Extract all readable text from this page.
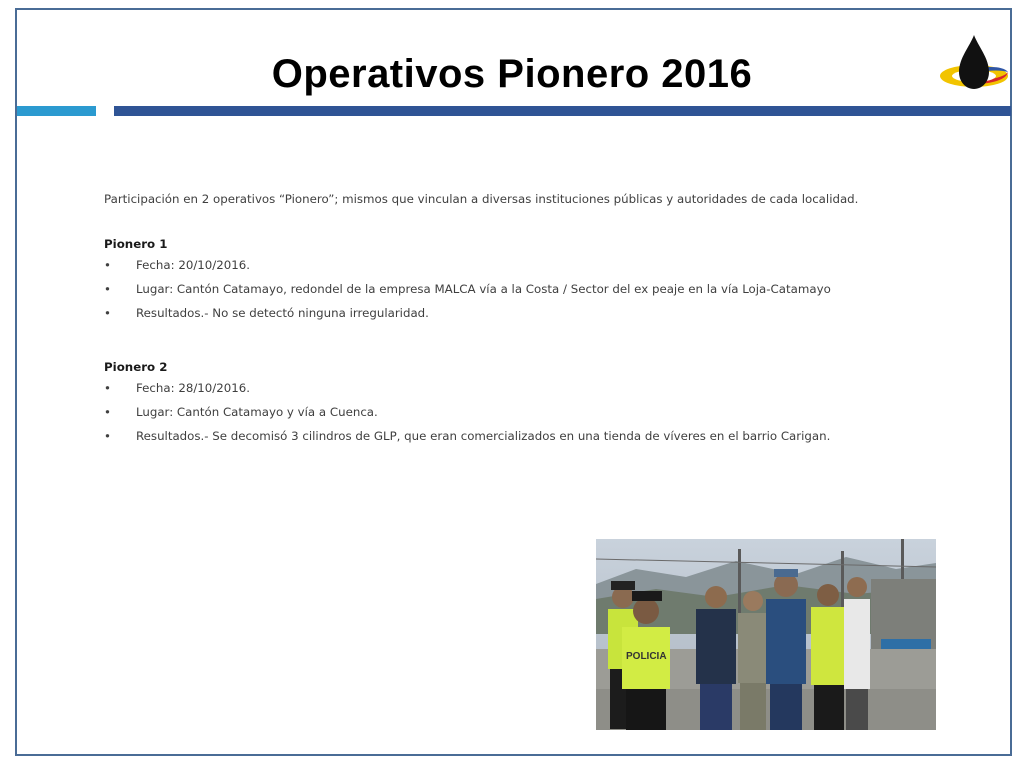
Operativos Pionero 2016

Participación en 2 operativos “Pionero”; mismos que vinculan a diversas instituciones públicas y autoridades de cada localidad.

Pionero 1

• Fecha: 20/10/2016.
• Lugar: Cantón Catamayo, redondel de la empresa MALCA vía a la Costa / Sector del ex peaje en la vía Loja-Catamayo
• Resultados.- No se detectó ninguna irregularidad.

Pionero 2

• Fecha: 28/10/2016.
• Lugar: Cantón Catamayo y vía a Cuenca.
• Resultados.- Se decomisó 3 cilindros de GLP, que eran comercializados en una tienda de víveres en el barrio Carigan.
POLICIA
